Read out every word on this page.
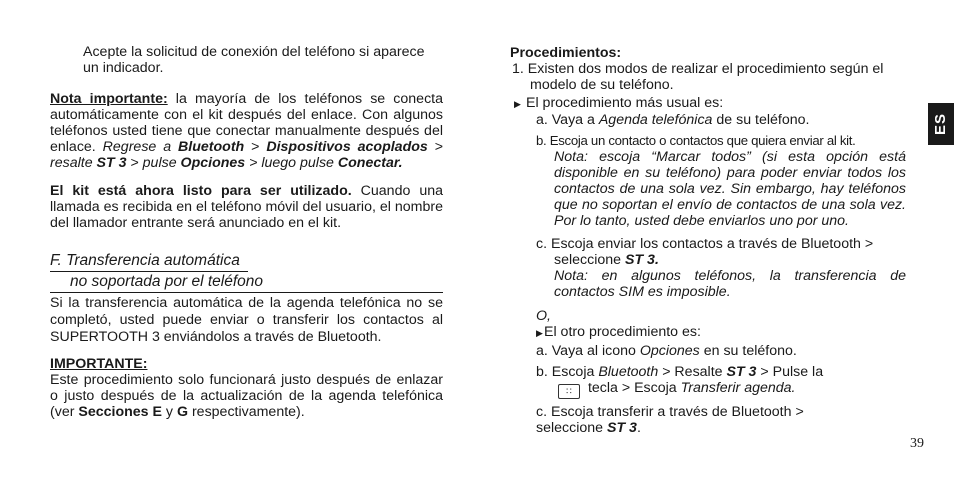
Acepte la solicitud de conexión del teléfono si aparece un indicador.

Nota importante: la mayoría de los teléfonos se conecta automáticamente con el kit después del enlace. Con algunos teléfonos usted tiene que conectar manualmente después del enlace. Regrese a Bluetooth > Dispositivos acoplados > resalte ST 3 > pulse Opciones > luego pulse Conectar.

El kit está ahora listo para ser utilizado. Cuando una llamada es recibida en el teléfono móvil del usuario, el nombre del llamador entrante será anunciado en el kit.

F. Transferencia automática
no soportada por el teléfono

Si la transferencia automática de la agenda telefónica no se completó, usted puede enviar o transferir los contactos al SUPERTOOTH 3 enviándolos a través de Bluetooth.

IMPORTANTE:

Este procedimiento solo funcionará justo después de enlazar o justo después de la actualización de la agenda telefónica (ver Secciones E y G respectivamente).

Procedimientos:

1. Existen dos modos de realizar el procedimiento según el modelo de su teléfono.

▶ El procedimiento más usual es:

a. Vaya a Agenda telefónica de su teléfono.

b. Escoja un contacto o contactos que quiera enviar al kit.

Nota: escoja “Marcar todos” (si esta opción está disponible en su teléfono) para poder enviar todos los contactos de una sola vez. Sin embargo, hay teléfonos que no soportan el envío de contactos de una sola vez. Por lo tanto, usted debe enviarlos uno por uno.

c. Escoja enviar los contactos a través de Bluetooth > seleccione ST 3.

Nota: en algunos teléfonos, la transferencia de contactos SIM es imposible.

O,

▶El otro procedimiento es:

a. Vaya al icono Opciones en su teléfono.

b. Escoja Bluetooth > Resalte ST 3 > Pulse la
∷ tecla > Escoja Transferir agenda.

c. Escoja transferir a través de Bluetooth > seleccione ST 3.

ES
39
